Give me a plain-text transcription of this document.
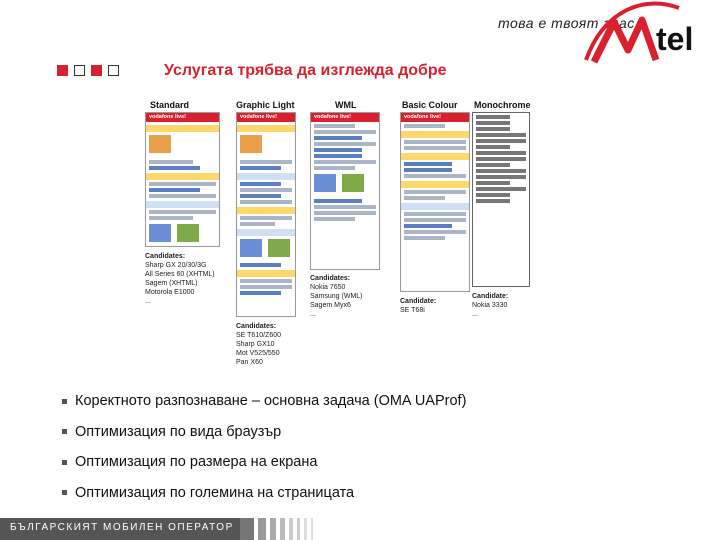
това е твоят глас. tel
Услугата трябва да изглежда добре
Standard	Graphic Light	WML	Basic Colour Monochrome
vodafone live!	vodafone live!	vodafone live!	vodafone live!
Candidates:
Sharp GX 20/30/3G
All Series 60 (XHTML)
Sagem (XHTML)
Motorola E1000
...
Candidates:
SE T610/Z600
Sharp GX10
Mot V525/550
Pan X60
Candidates:
Nokia 7650
Samsung (WML)
Sagem Myx6
...
Candidate:
SE T68i
Candidate:
Nokia 3330
...
Коректното разпознаване – основна задача (OMA UAProf)
Оптимизация по вида браузър
Оптимизация по размера на екрана
Оптимизация по големина на страницата
БЪЛГАРСКИЯТ МОБИЛЕН ОПЕРАТОР
